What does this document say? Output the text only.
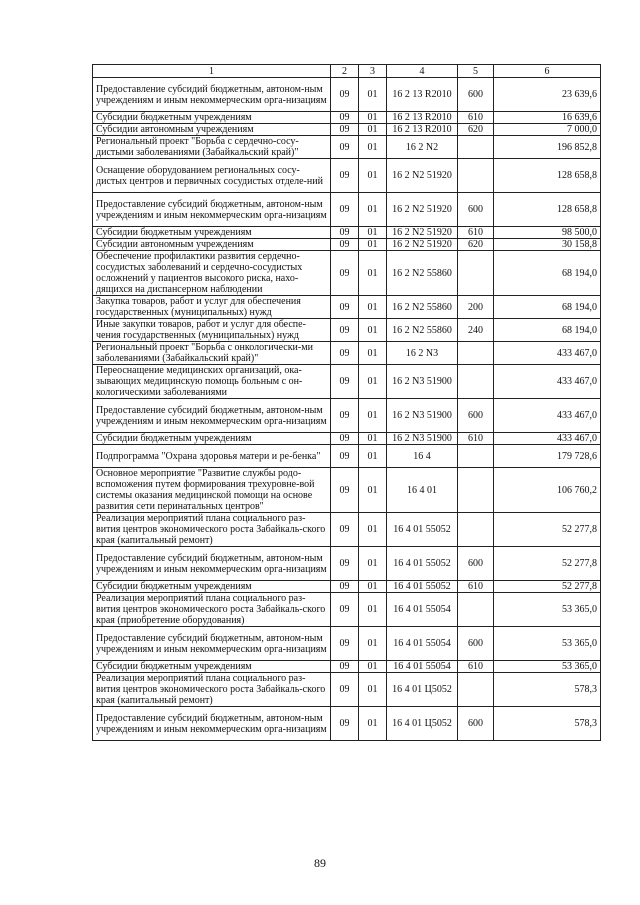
1	2	3	4	5	6
Предоставление субсидий бюджетным, автоном-ным учреждениям и иным некоммерческим орга-низациям	09	01	16 2 13 R2010	600	23 639,6
Субсидии бюджетным учреждениям	09	01	16 2 13 R2010	610	16 639,6
Субсидии автономным учреждениям	09	01	16 2 13 R2010	620	7 000,0
Региональный проект "Борьба с сердечно-сосу-дистыми заболеваниями (Забайкальский край)"	09	01	16 2 N2		196 852,8
Оснащение оборудованием региональных сосу-дистых центров и первичных сосудистых отделе-ний	09	01	16 2 N2 51920		128 658,8
Предоставление субсидий бюджетным, автоном-ным учреждениям и иным некоммерческим орга-низациям	09	01	16 2 N2 51920	600	128 658,8
Субсидии бюджетным учреждениям	09	01	16 2 N2 51920	610	98 500,0
Субсидии автономным учреждениям	09	01	16 2 N2 51920	620	30 158,8
Обеспечение профилактики развития сердечно-сосудистых заболеваний и сердечно-сосудистых осложнений у пациентов высокого риска, нахо-дящихся на диспансерном наблюдении	09	01	16 2 N2 55860		68 194,0
Закупка товаров, работ и услуг для обеспечения государственных (муниципальных) нужд	09	01	16 2 N2 55860	200	68 194,0
Иные закупки товаров, работ и услуг для обеспе-чения государственных (муниципальных) нужд	09	01	16 2 N2 55860	240	68 194,0
Региональный проект "Борьба с онкологически-ми заболеваниями (Забайкальский край)"	09	01	16 2 N3		433 467,0
Переоснащение медицинских организаций, ока-зывающих медицинскую помощь больным с он-кологическими заболеваниями	09	01	16 2 N3 51900		433 467,0
Предоставление субсидий бюджетным, автоном-ным учреждениям и иным некоммерческим орга-низациям	09	01	16 2 N3 51900	600	433 467,0
Субсидии бюджетным учреждениям	09	01	16 2 N3 51900	610	433 467,0
Подпрограмма "Охрана здоровья матери и ре-бенка"	09	01	16 4		179 728,6
Основное мероприятие "Развитие службы родо-вспоможения путем формирования трехуровне-вой системы оказания медицинской помощи на основе развития сети перинатальных центров"	09	01	16 4 01		106 760,2
Реализация мероприятий плана социального раз-вития центров экономического роста Забайкаль-ского края (капитальный ремонт)	09	01	16 4 01 55052		52 277,8
Предоставление субсидий бюджетным, автоном-ным учреждениям и иным некоммерческим орга-низациям	09	01	16 4 01 55052	600	52 277,8
Субсидии бюджетным учреждениям	09	01	16 4 01 55052	610	52 277,8
Реализация мероприятий плана социального раз-вития центров экономического роста Забайкаль-ского края (приобретение оборудования)	09	01	16 4 01 55054		53 365,0
Предоставление субсидий бюджетным, автоном-ным учреждениям и иным некоммерческим орга-низациям	09	01	16 4 01 55054	600	53 365,0
Субсидии бюджетным учреждениям	09	01	16 4 01 55054	610	53 365,0
Реализация мероприятий плана социального раз-вития центров экономического роста Забайкаль-ского края (капитальный ремонт)	09	01	16 4 01 Ц5052		578,3
Предоставление субсидий бюджетным, автоном-ным учреждениям и иным некоммерческим орга-низациям	09	01	16 4 01 Ц5052	600	578,3
89
